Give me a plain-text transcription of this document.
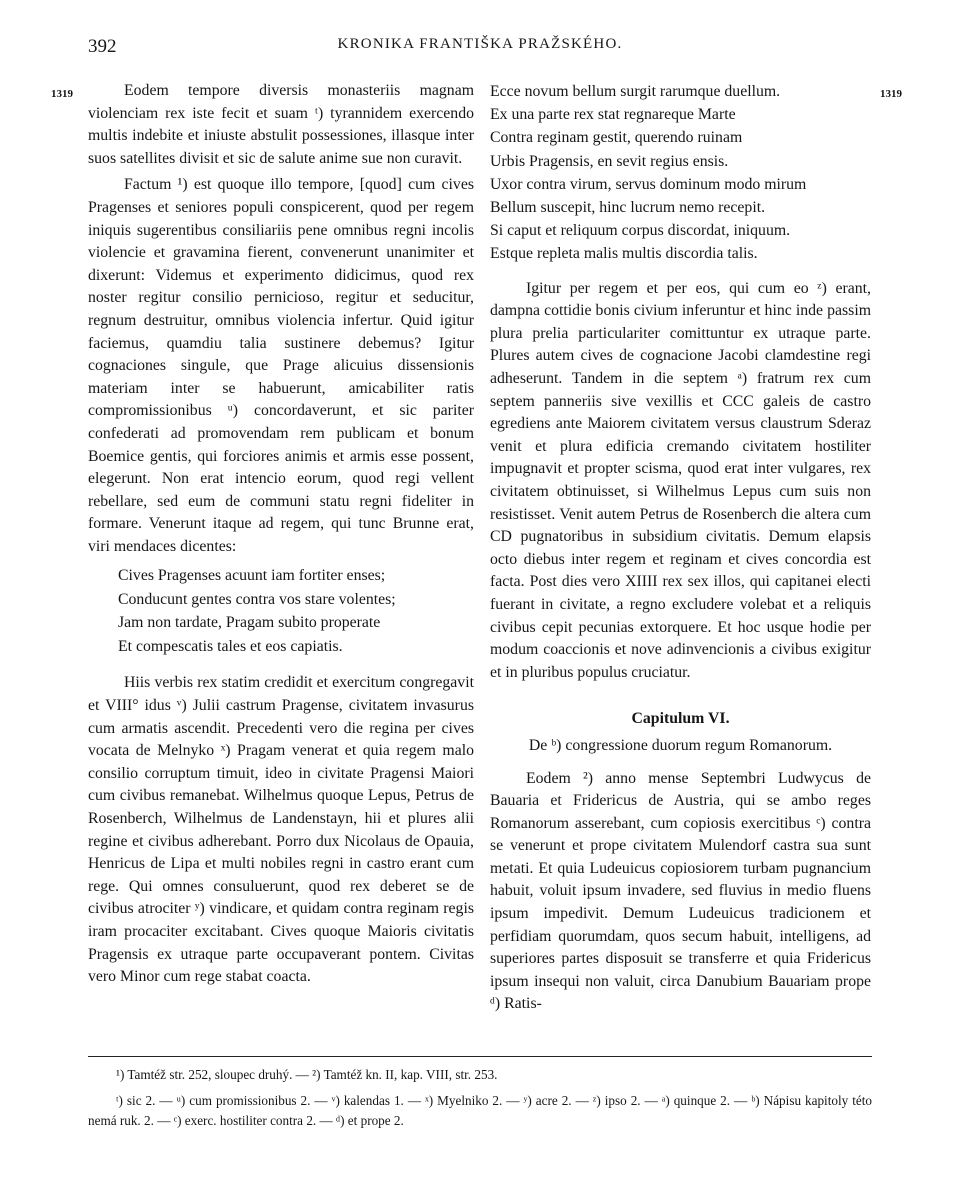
392	KRONIKA FRANTIŠKA PRAŽSKÉHO.
1319	1319

Eodem tempore diversis monasteriis magnam violenciam rex iste fecit et suam ᵗ) tyrannidem exercendo multis indebite et iniuste abstulit possessiones, illasque inter suos satellites divisit et sic de salute anime sue non curavit.

Factum ¹) est quoque illo tempore, [quod] cum cives Pragenses et seniores populi conspicerent, quod per regem iniquis sugerentibus consiliariis pene omnibus regni incolis violencie et gravamina fierent, convenerunt unanimiter et dixerunt: Videmus et experimento didicimus, quod rex noster regitur consilio pernicioso, regitur et seducitur, regnum destruitur, omnibus violencia infertur. Quid igitur faciemus, quamdiu talia sustinere debemus? Igitur cognaciones singule, que Prage alicuius dissensionis materiam inter se habuerunt, amicabiliter ratis compromissionibus ᵘ) concordaverunt, et sic pariter confederati ad promovendam rem publicam et bonum Boemice gentis, qui forciores animis et armis esse possent, elegerunt. Non erat intencio eorum, quod regi vellent rebellare, sed eum de communi statu regni fideliter in formare. Venerunt itaque ad regem, qui tunc Brunne erat, viri mendaces dicentes:

Cives Pragenses acuunt iam fortiter enses;
Conducunt gentes contra vos stare volentes;
Jam non tardate, Pragam subito properate
Et compescatis tales et eos capiatis.

Hiis verbis rex statim credidit et exercitum congregavit et VIII° idus ᵛ) Julii castrum Pragense, civitatem invasurus cum armatis ascendit. Precedenti vero die regina per cives vocata de Melnyko ˣ) Pragam venerat et quia regem malo consilio corruptum timuit, ideo in civitate Pragensi Maiori cum civibus remanebat. Wilhelmus quoque Lepus, Petrus de Rosenberch, Wilhelmus de Landenstayn, hii et plures alii regine et civibus adherebant. Porro dux Nicolaus de Opauia, Henricus de Lipa et multi nobiles regni in castro erant cum rege. Qui omnes consuluerunt, quod rex deberet se de civibus atrociter ʸ) vindicare, et quidam contra reginam regis iram procaciter excitabant. Cives quoque Maioris civitatis Pragensis ex utraque parte occupaverant pontem. Civitas vero Minor cum rege stabat coacta.

Ecce novum bellum surgit rarumque duellum.
Ex una parte rex stat regnareque Marte
Contra reginam gestit, querendo ruinam
Urbis Pragensis, en sevit regius ensis.
Uxor contra virum, servus dominum modo mirum
Bellum suscepit, hinc lucrum nemo recepit.
Si caput et reliquum corpus discordat, iniquum.
Estque repleta malis multis discordia talis.

Igitur per regem et per eos, qui cum eo ᶻ) erant, dampna cottidie bonis civium inferuntur et hinc inde passim plura prelia particulariter comittuntur ex utraque parte. Plures autem cives de cognacione Jacobi clamdestine regi adheserunt. Tandem in die septem ᵃ) fratrum rex cum septem panneriis sive vexillis et CCC galeis de castro egrediens ante Maiorem civitatem versus claustrum Sderaz venit et plura edificia cremando civitatem hostiliter impugnavit et propter scisma, quod erat inter vulgares, rex civitatem obtinuisset, si Wilhelmus Lepus cum suis non resistisset. Venit autem Petrus de Rosenberch die altera cum CD pugnatoribus in subsidium civitatis. Demum elapsis octo diebus inter regem et reginam et cives concordia est facta. Post dies vero XIIII rex sex illos, qui capitanei electi fuerant in civitate, a regno excludere volebat et a reliquis civibus cepit pecunias extorquere. Et hoc usque hodie per modum coaccionis et nove adinvencionis a civibus exigitur et in pluribus populus cruciatur.

Capitulum VI.
De ᵇ) congressione duorum regum Romanorum.

Eodem ²) anno mense Septembri Ludwycus de Bauaria et Fridericus de Austria, qui se ambo reges Romanorum asserebant, cum copiosis exercitibus ᶜ) contra se venerunt et prope civitatem Mulendorf castra sua sunt metati. Et quia Ludeuicus copiosiorem turbam pugnancium habuit, voluit ipsum invadere, sed fluvius in medio fluens ipsum impedivit. Demum Ludeuicus tradicionem et perfidiam quorumdam, quos secum habuit, intelligens, ad superiores partes disposuit se transferre et quia Fridericus ipsum insequi non valuit, circa Danubium Bauariam prope ᵈ) Ratis-

¹) Tamtéž str. 252, sloupec druhý. — ²) Tamtéž kn. II, kap. VIII, str. 253.

ᵗ) sic 2. — ᵘ) cum promissionibus 2. — ᵛ) kalendas 1. — ˣ) Myelniko 2. — ʸ) acre 2. — ᶻ) ipso 2. — ᵃ) quinque 2. — ᵇ) Nápisu kapitoly této nemá ruk. 2. — ᶜ) exerc. hostiliter contra 2. — ᵈ) et prope 2.
